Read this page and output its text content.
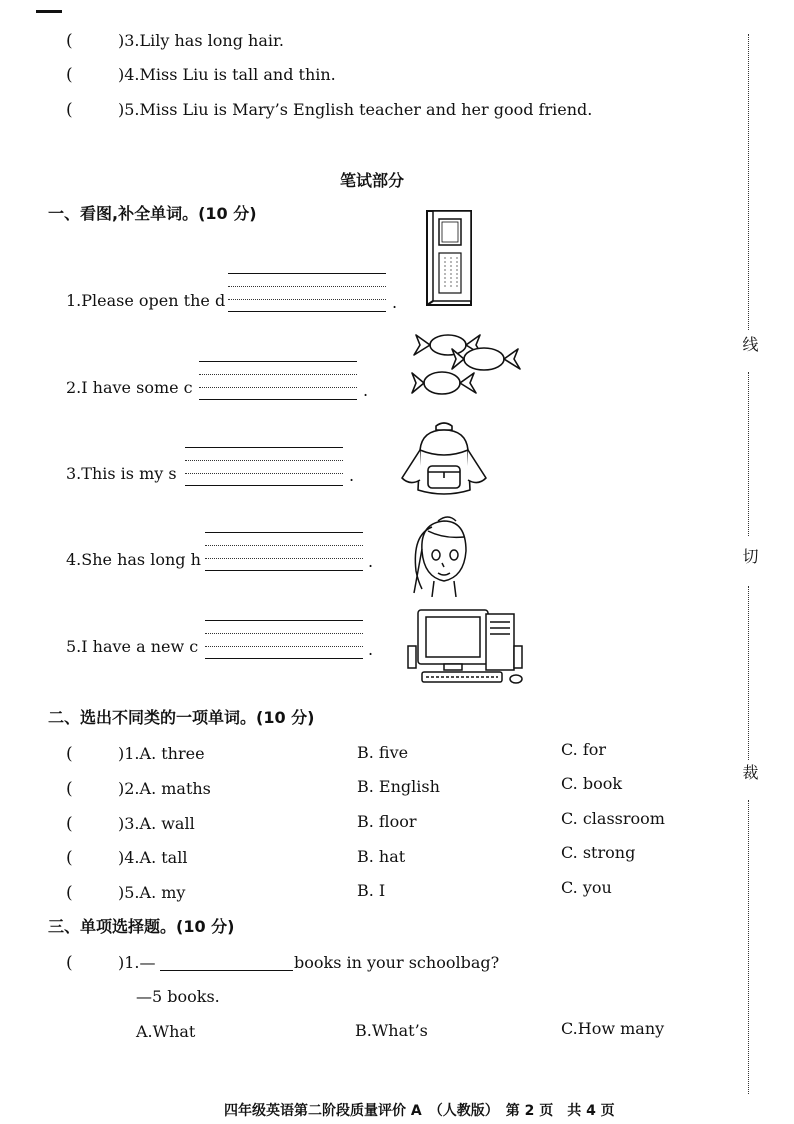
(	)3.Lily has long hair.
(	)4.Miss Liu is tall and thin.
(	)5.Miss Liu is Mary’s English teacher and her good friend.
笔试部分
一、看图,补全单词。(10 分)
1.Please open the d	.
2.I have some c	.
3.This is my s	.
4.She has long h	.
5.I have a new c	.
二、选出不同类的一项单词。(10 分)
(	)1.A. three	B. five	C. for
(	)2.A. maths	B. English	C. book
(	)3.A. wall	B. floor	C. classroom
(	)4.A. tall	B. hat	C. strong
(	)5.A. my	B. I	C. you
三、单项选择题。(10 分)
(	)1.—	books in your schoolbag?
—5 books.
A.What	B.What’s	C.How many
线
切
裁
四年级英语第二阶段质量评价 A　（人教版）　第 2 页　共 4 页
